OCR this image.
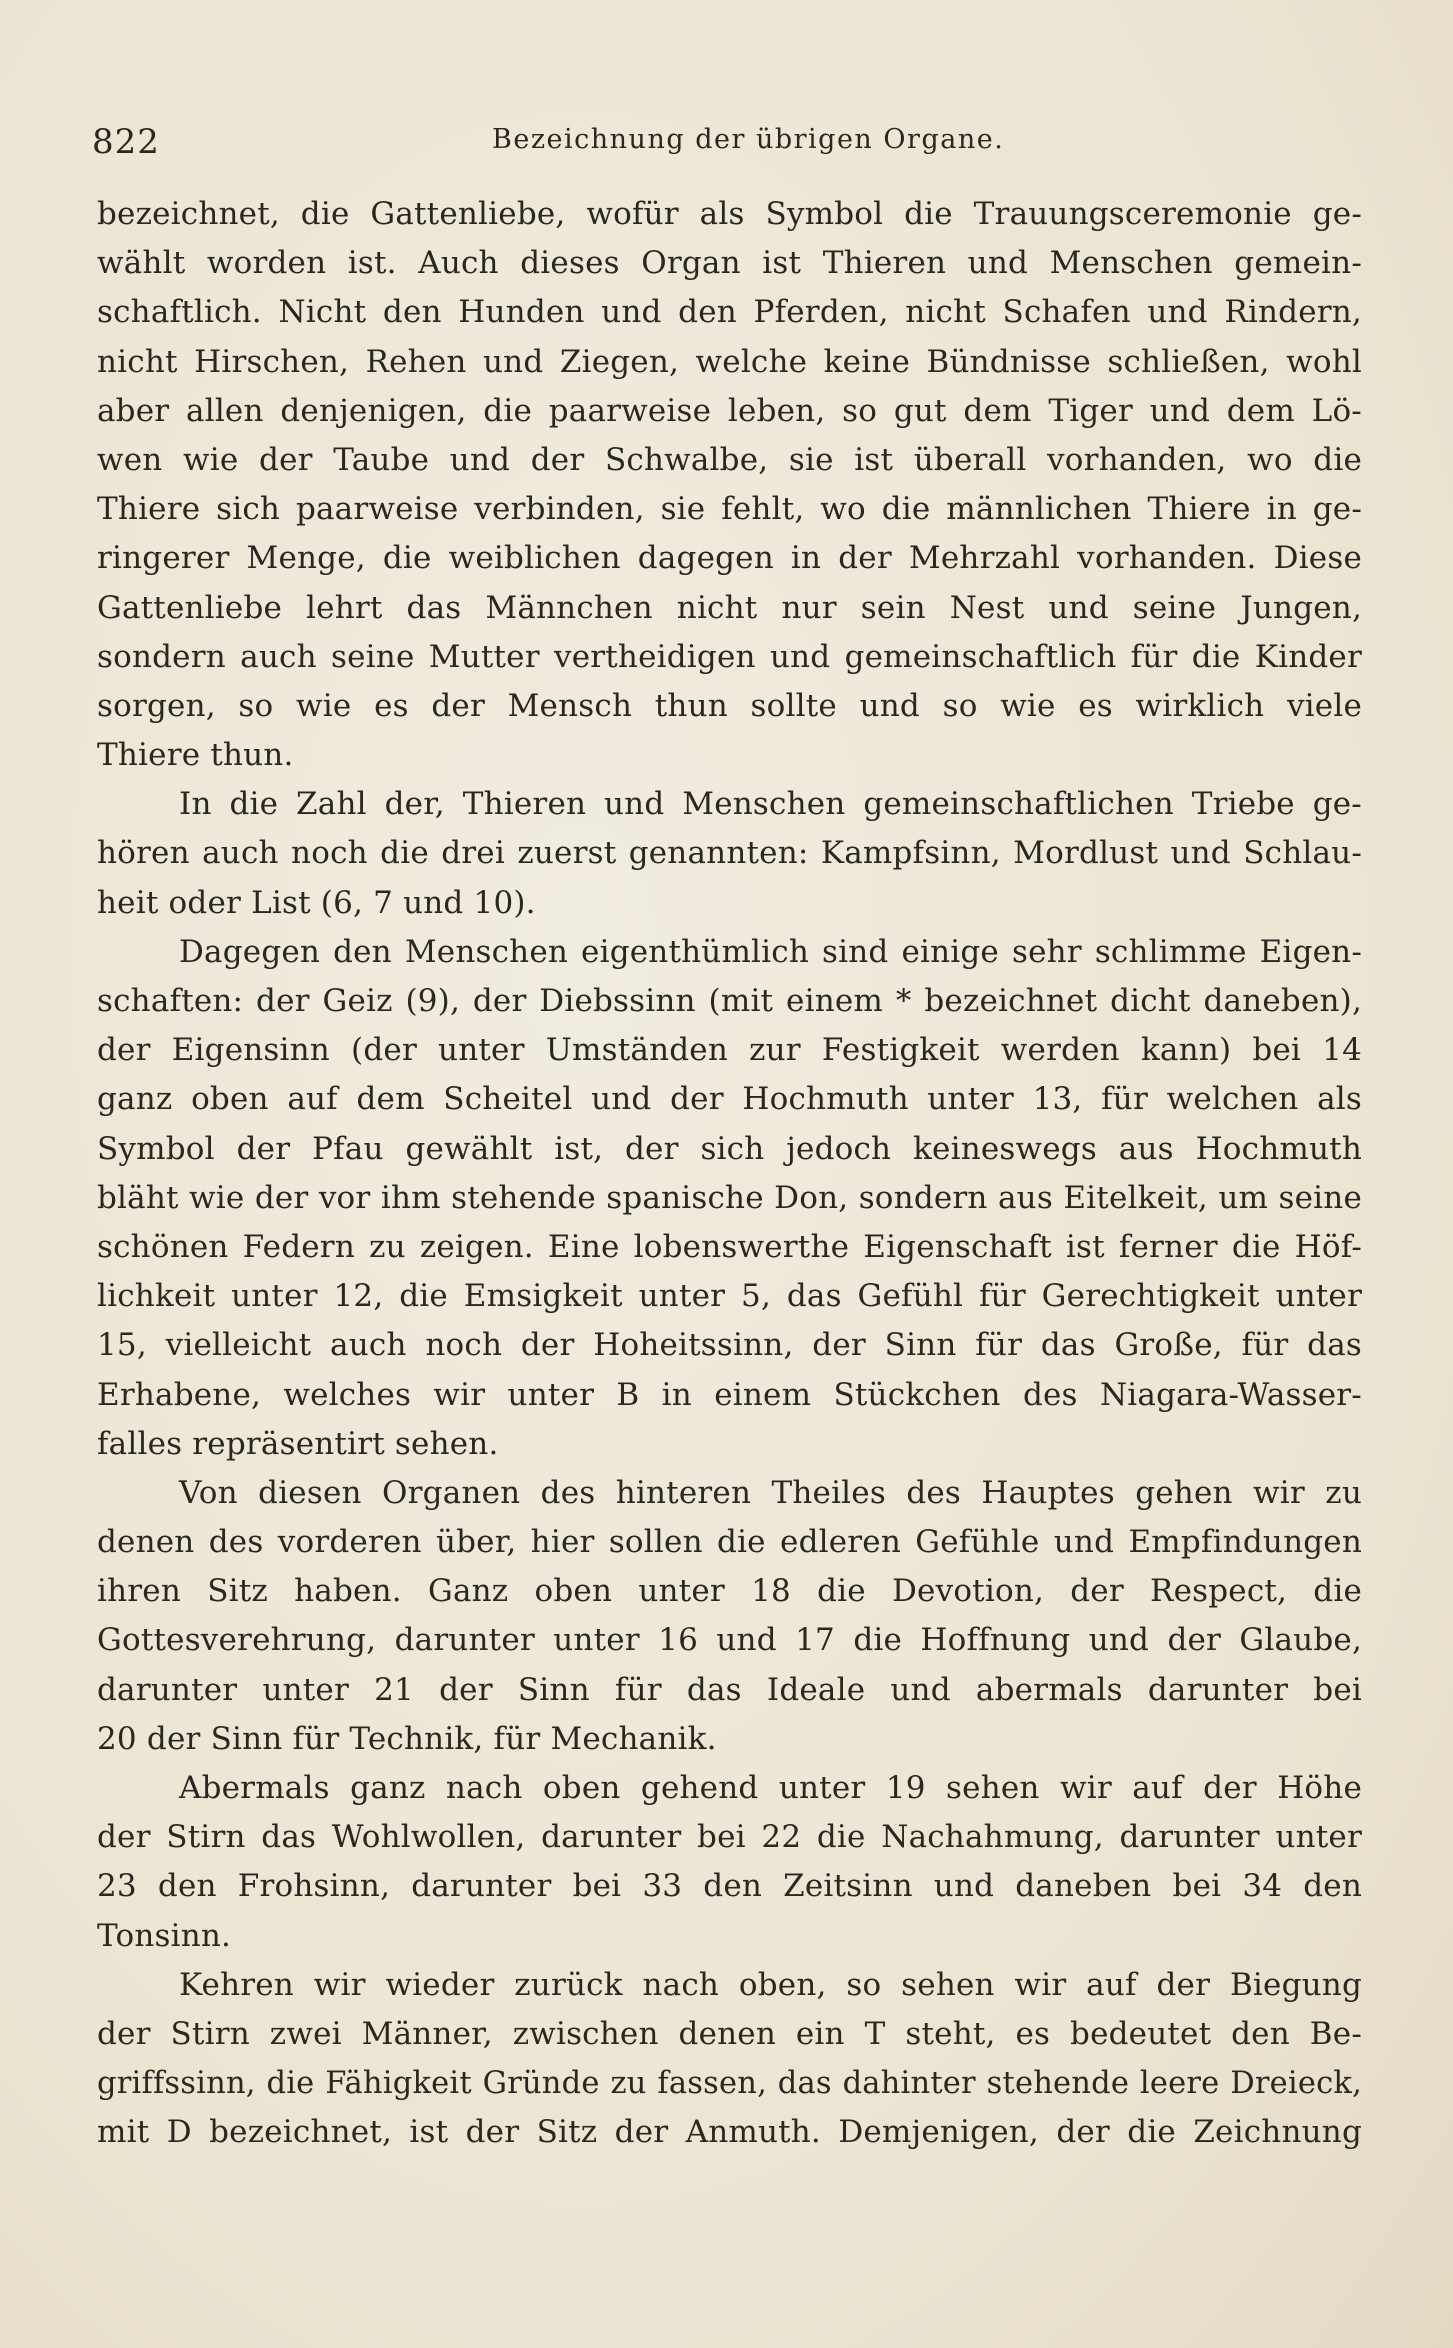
822	Bezeichnung der übrigen Organe.
bezeichnet, die Gattenliebe, wofür als Symbol die Trauungsceremonie ge-
wählt worden ist. Auch dieses Organ ist Thieren und Menschen gemein-
schaftlich. Nicht den Hunden und den Pferden, nicht Schafen und Rindern,
nicht Hirschen, Rehen und Ziegen, welche keine Bündnisse schließen, wohl
aber allen denjenigen, die paarweise leben, so gut dem Tiger und dem Lö-
wen wie der Taube und der Schwalbe, sie ist überall vorhanden, wo die
Thiere sich paarweise verbinden, sie fehlt, wo die männlichen Thiere in ge-
ringerer Menge, die weiblichen dagegen in der Mehrzahl vorhanden. Diese
Gattenliebe lehrt das Männchen nicht nur sein Nest und seine Jungen,
sondern auch seine Mutter vertheidigen und gemeinschaftlich für die Kinder
sorgen, so wie es der Mensch thun sollte und so wie es wirklich viele
Thiere thun.
In die Zahl der, Thieren und Menschen gemeinschaftlichen Triebe ge-
hören auch noch die drei zuerst genannten: Kampfsinn, Mordlust und Schlau-
heit oder List (6, 7 und 10).
Dagegen den Menschen eigenthümlich sind einige sehr schlimme Eigen-
schaften: der Geiz (9), der Diebssinn (mit einem * bezeichnet dicht daneben),
der Eigensinn (der unter Umständen zur Festigkeit werden kann) bei 14
ganz oben auf dem Scheitel und der Hochmuth unter 13, für welchen als
Symbol der Pfau gewählt ist, der sich jedoch keineswegs aus Hochmuth
bläht wie der vor ihm stehende spanische Don, sondern aus Eitelkeit, um seine
schönen Federn zu zeigen. Eine lobenswerthe Eigenschaft ist ferner die Höf-
lichkeit unter 12, die Emsigkeit unter 5, das Gefühl für Gerechtigkeit unter
15, vielleicht auch noch der Hoheitssinn, der Sinn für das Große, für das
Erhabene, welches wir unter B in einem Stückchen des Niagara-Wasser-
falles repräsentirt sehen.
Von diesen Organen des hinteren Theiles des Hauptes gehen wir zu
denen des vorderen über, hier sollen die edleren Gefühle und Empfindungen
ihren Sitz haben. Ganz oben unter 18 die Devotion, der Respect, die
Gottesverehrung, darunter unter 16 und 17 die Hoffnung und der Glaube,
darunter unter 21 der Sinn für das Ideale und abermals darunter bei
20 der Sinn für Technik, für Mechanik.
Abermals ganz nach oben gehend unter 19 sehen wir auf der Höhe
der Stirn das Wohlwollen, darunter bei 22 die Nachahmung, darunter unter
23 den Frohsinn, darunter bei 33 den Zeitsinn und daneben bei 34 den
Tonsinn.
Kehren wir wieder zurück nach oben, so sehen wir auf der Biegung
der Stirn zwei Männer, zwischen denen ein T steht, es bedeutet den Be-
griffssinn, die Fähigkeit Gründe zu fassen, das dahinter stehende leere Dreieck,
mit D bezeichnet, ist der Sitz der Anmuth. Demjenigen, der die Zeichnung
